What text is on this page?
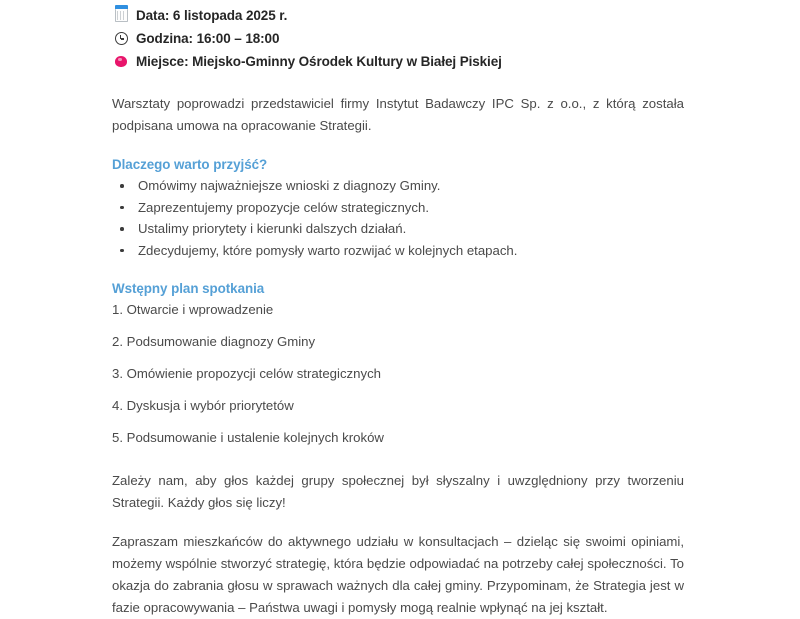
Data: 6 listopada 2025 r.
Godzina: 16:00 – 18:00
Miejsce: Miejsko-Gminny Ośrodek Kultury w Białej Piskiej
Warsztaty poprowadzi przedstawiciel firmy Instytut Badawczy IPC Sp. z o.o., z którą została podpisana umowa na opracowanie Strategii.
Dlaczego warto przyjść?
Omówimy najważniejsze wnioski z diagnozy Gminy.
Zaprezentujemy propozycje celów strategicznych.
Ustalimy priorytety i kierunki dalszych działań.
Zdecydujemy, które pomysły warto rozwijać w kolejnych etapach.
Wstępny plan spotkania
1. Otwarcie i wprowadzenie
2. Podsumowanie diagnozy Gminy
3. Omówienie propozycji celów strategicznych
4. Dyskusja i wybór priorytetów
5. Podsumowanie i ustalenie kolejnych kroków
Zależy nam, aby głos każdej grupy społecznej był słyszalny i uwzględniony przy tworzeniu Strategii. Każdy głos się liczy!
Zapraszam mieszkańców do aktywnego udziału w konsultacjach – dzieląc się swoimi opiniami, możemy wspólnie stworzyć strategię, która będzie odpowiadać na potrzeby całej społeczności. To okazja do zabrania głosu w sprawach ważnych dla całej gminy. Przypominam, że Strategia jest w fazie opracowywania – Państwa uwagi i pomysły mogą realnie wpłynąć na jej kształt.
